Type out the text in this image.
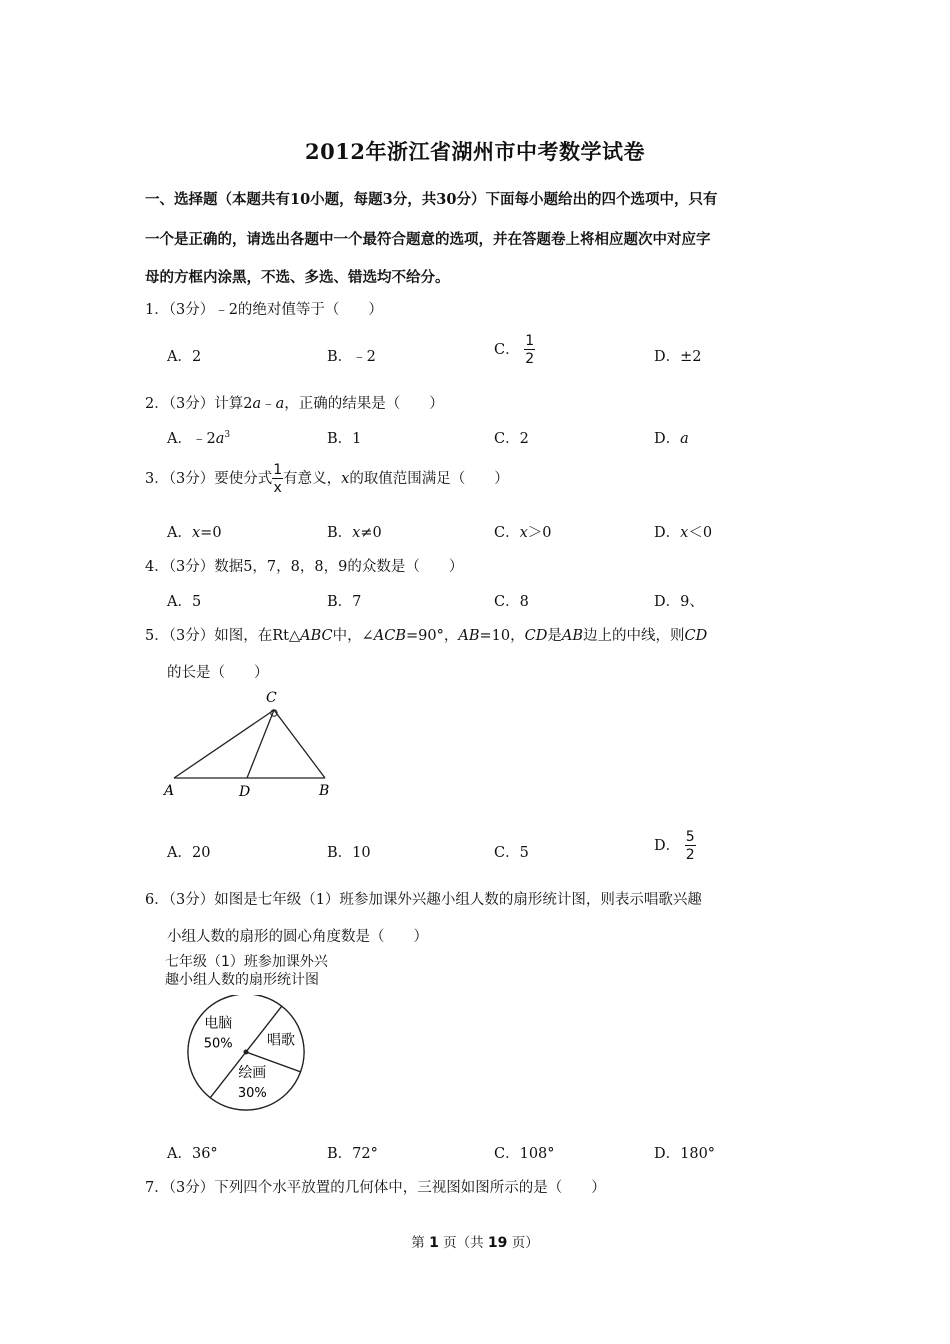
2012年浙江省湖州市中考数学试卷
一、选择题（本题共有10小题，每题3分，共30分）下面每小题给出的四个选项中，只有
一个是正确的，请选出各题中一个最符合题意的选项，并在答题卷上将相应题次中对应字
母的方框内涂黑，不选、多选、错选均不给分。
1．（3分）﹣2的绝对值等于（　　）
A．2	B．﹣2	C． $\frac{1}{2}$	D．±2
2．（3分）计算2a﹣a，正确的结果是（　　）
A．$﹣2a^3$	B．1	C．2	D．a
3．（3分）要使分式 $\frac{1}{x}$ 有意义，x的取值范围满足（　　）
A．x=0	B．x≠0	C．x＞0	D．x＜0
4．（3分）数据5，7，8，8，9的众数是（　　）
A．5	B．7	C．8	D．9、
5．（3分）如图，在Rt△ABC中，∠ACB=90°，AB=10，CD是AB边上的中线，则CD
的长是（　　）
C
A	D	B
A．20	B．10	C．5	D． $\frac{5}{2}$
6．（3分）如图是七年级（1）班参加课外兴趣小组人数的扇形统计图，则表示唱歌兴趣
小组人数的扇形的圆心角度数是（　　）
七年级（1）班参加课外兴
趣小组人数的扇形统计图
电脑
50% 唱歌
绘画
30%
A．36°	B．72°	C．108°	D．180°
7．（3分）下列四个水平放置的几何体中，三视图如图所示的是（　　）
第 1 页（共 19 页）
